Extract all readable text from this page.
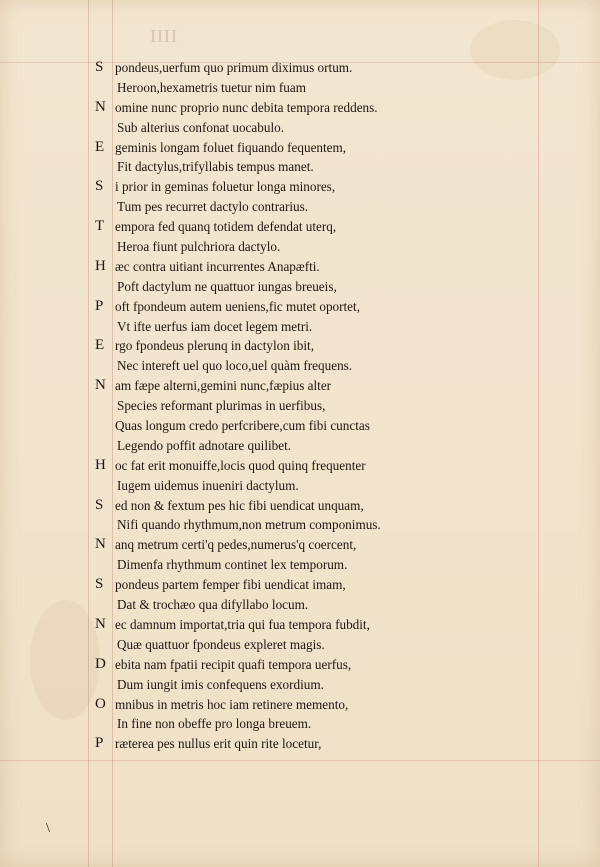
IIII
S pondeus,uerfum quo primum diximus ortum.
Heroon,hexametris tuetur nim fuam
N omine nunc proprio nunc debita tempora reddens.
Sub alterius confonat uocabulo.
E geminis longam foluet fiquando fequentem,
Fit dactylus,trifyllabis tempus manet.
S i prior in geminas foluetur longa minores,
Tum pes recurret dactylo contrarius.
T empora fed quanq totidem defendat uterq,
Heroa fiunt pulchriora dactylo.
H æc contra uitiant incurrentes Anapæfti.
Poft dactylum ne quattuor iungas breueis,
P oft fpondeum autem ueniens,fic mutet oportet,
Vt ifte uerfus iam docet legem metri.
E rgo fpondeus plerunq in dactylon ibit,
Nec intereft uel quo loco,uel quàm frequens.
N am fæpe alterni,gemini nunc,fæpius alter
Species reformant plurimas in uerfibus,
Quas longum credo perfcribere,cum fibi cunctas
Legendo poffit adnotare quilibet.
H oc fat erit monuiffe,locis quod quinq frequenter
Iugem uidemus inueniri dactylum.
S ed non & fextum pes hic fibi uendicat unquam,
Nifi quando rhythmum,non metrum componimus.
N anq metrum certi'q pedes,numerus'q coercent,
Dimenfa rhythmum continet lex temporum.
S pondeus partem femper fibi uendicat imam,
Dat & trochæo qua difyllabo locum.
N ec damnum importat,tria qui fua tempora fubdit,
Quæ quattuor fpondeus expleret magis.
D ebita nam fpatii recipit quafi tempora uerfus,
Dum iungit imis confequens exordium.
O mnibus in metris hoc iam retinere memento,
In fine non obeffe pro longa breuem.
P ræterea pes nullus erit quin rite locetur,
\
